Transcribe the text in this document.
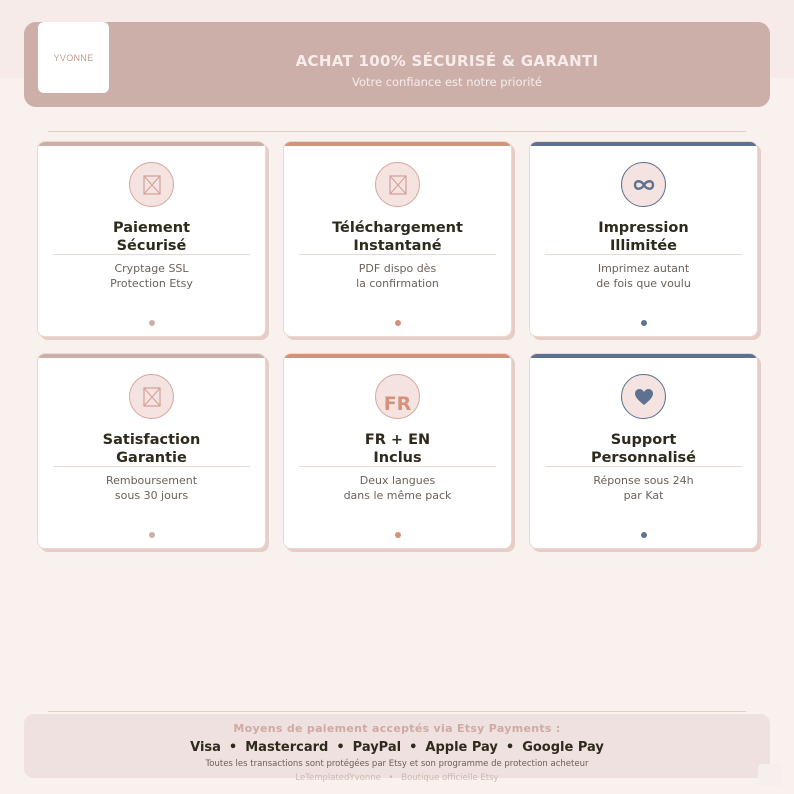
YVONNE	ACHAT 100% SÉCURISÉ & GARANTI
Votre confiance est notre priorité
Paiement
Sécurisé
Cryptage SSL
Protection Etsy
Téléchargement
Instantané
PDF dispo dès
la confirmation
Impression
Illimitée
Imprimez autant
de fois que voulu
Satisfaction
Garantie
Remboursement
sous 30 jours
FR
FR + EN
Inclus
Deux langues
dans le même pack
Support
Personnalisé
Réponse sous 24h
par Kat
Moyens de paiement acceptés via Etsy Payments :
Visa • Mastercard • PayPal • Apple Pay • Google Pay
Toutes les transactions sont protégées par Etsy et son programme de protection acheteur
LeTemplatedYvonne • Boutique officielle Etsy
